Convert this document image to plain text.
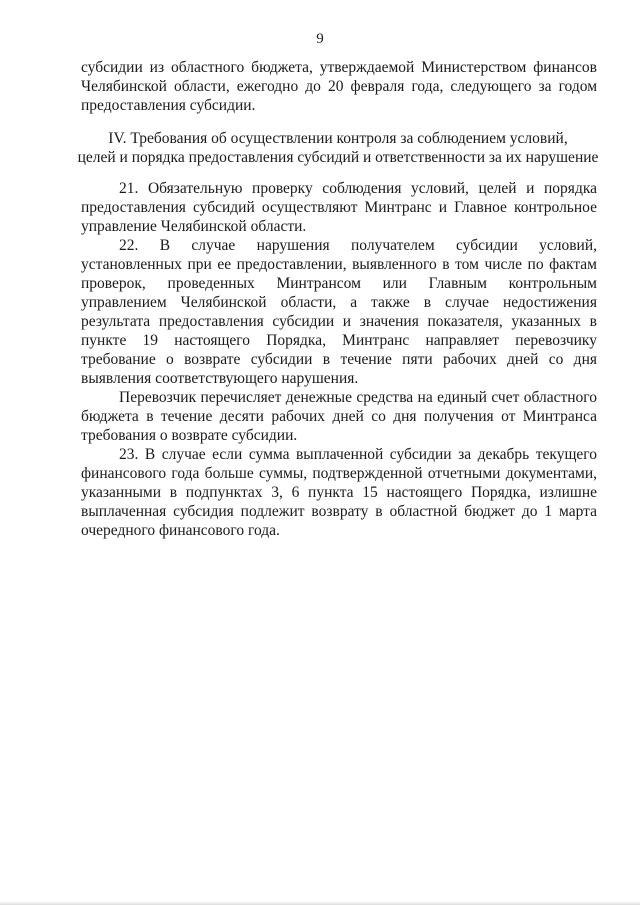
9

субсидии из областного бюджета, утверждаемой Министерством финансов Челябинской области, ежегодно до 20 февраля года, следующего за годом предоставления субсидии.

IV. Требования об осуществлении контроля за соблюдением условий,
целей и порядка предоставления субсидий и ответственности за их нарушение

21. Обязательную проверку соблюдения условий, целей и порядка предоставления субсидий осуществляют Минтранс и Главное контрольное управление Челябинской области.

22. В случае нарушения получателем субсидии условий, установленных при ее предоставлении, выявленного в том числе по фактам проверок, проведенных Минтрансом или Главным контрольным управлением Челябинской области, а также в случае недостижения результата предоставления субсидии и значения показателя, указанных в пункте 19 настоящего Порядка, Минтранс направляет перевозчику требование о возврате субсидии в течение пяти рабочих дней со дня выявления соответствующего нарушения.

Перевозчик перечисляет денежные средства на единый счет областного бюджета в течение десяти рабочих дней со дня получения от Минтранса требования о возврате субсидии.

23. В случае если сумма выплаченной субсидии за декабрь текущего финансового года больше суммы, подтвержденной отчетными документами, указанными в подпунктах 3, 6 пункта 15 настоящего Порядка, излишне выплаченная субсидия подлежит возврату в областной бюджет до 1 марта очередного финансового года.
